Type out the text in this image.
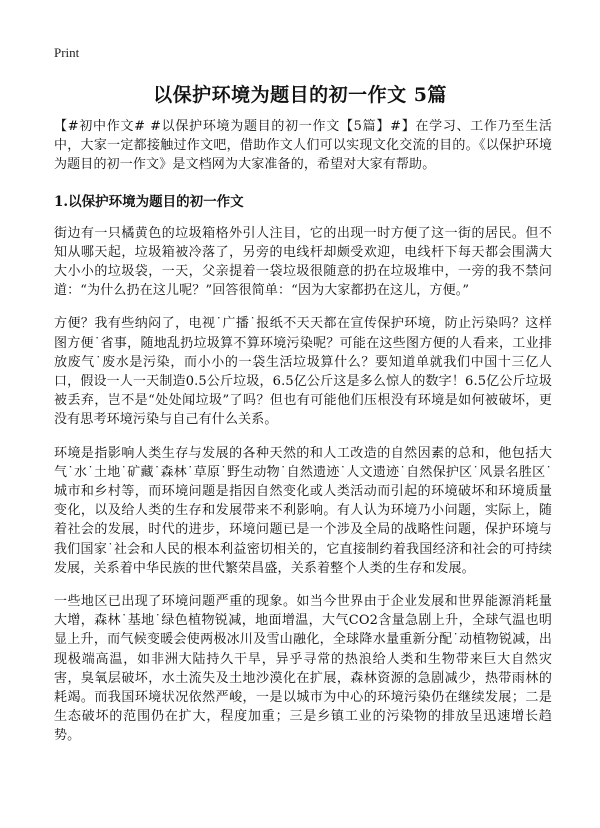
Print
以保护环境为题目的初一作文 5篇

【#初中作文# #以保护环境为题目的初一作文【5篇】#】在学习、工作乃至生活中，大家一定都接触过作文吧，借助作文人们可以实现文化交流的目的。《以保护环境为题目的初一作文》是文档网为大家准备的，希望对大家有帮助。

1.以保护环境为题目的初一作文

街边有一只橘黄色的垃圾箱格外引人注目，它的出现一时方便了这一街的居民。但不知从哪天起，垃圾箱被冷落了，另旁的电线杆却颇受欢迎，电线杆下每天都会围满大大小小的垃圾袋，一天，父亲提着一袋垃圾很随意的扔在垃圾堆中，一旁的我不禁问道：“为什么扔在这儿呢？”回答很简单：“因为大家都扔在这儿，方便。”

方便？我有些纳闷了，电视˙广播˙报纸不天天都在宣传保护环境，防止污染吗？这样图方便˙省事，随地乱扔垃圾算不算环境污染呢？可能在这些图方便的人看来，工业排放废气˙废水是污染，而小小的一袋生活垃圾算什么？要知道单就我们中国十三亿人口，假设一人一天制造0.5公斤垃圾，6.5亿公斤这是多么惊人的数字！6.5亿公斤垃圾被丢弃，岂不是“处处闻垃圾”了吗？但也有可能他们压根没有环境是如何被破坏，更没有思考环境污染与自己有什么关系。

环境是指影响人类生存与发展的各种天然的和人工改造的自然因素的总和，他包括大气˙水˙土地˙矿藏˙森林˙草原˙野生动物˙自然遗迹˙人文遗迹˙自然保护区˙风景名胜区˙城市和乡村等，而环境问题是指因自然变化或人类活动而引起的环境破坏和环境质量变化，以及给人类的生存和发展带来不利影响。有人认为环境乃小问题，实际上，随着社会的发展，时代的进步，环境问题已是一个涉及全局的战略性问题，保护环境与我们国家˙社会和人民的根本利益密切相关的，它直接制约着我国经济和社会的可持续发展，关系着中华民族的世代繁荣昌盛，关系着整个人类的生存和发展。

一些地区已出现了环境问题严重的现象。如当今世界由于企业发展和世界能源消耗量大增，森林˙基地˙绿色植物锐减，地面增温，大气CO2含量急剧上升，全球气温也明显上升，而气候变暖会使两极冰川及雪山融化，全球降水量重新分配˙动植物锐减，出现极端高温，如非洲大陆持久干旱，异乎寻常的热浪给人类和生物带来巨大自然灾害，臭氧层破坏，水土流失及土地沙漠化在扩展，森林资源的急剧减少，热带雨林的耗竭。而我国环境状况依然严峻，一是以城市为中心的环境污染仍在继续发展；二是生态破坏的范围仍在扩大，程度加重；三是乡镇工业的污染物的排放呈迅速增长趋势。
